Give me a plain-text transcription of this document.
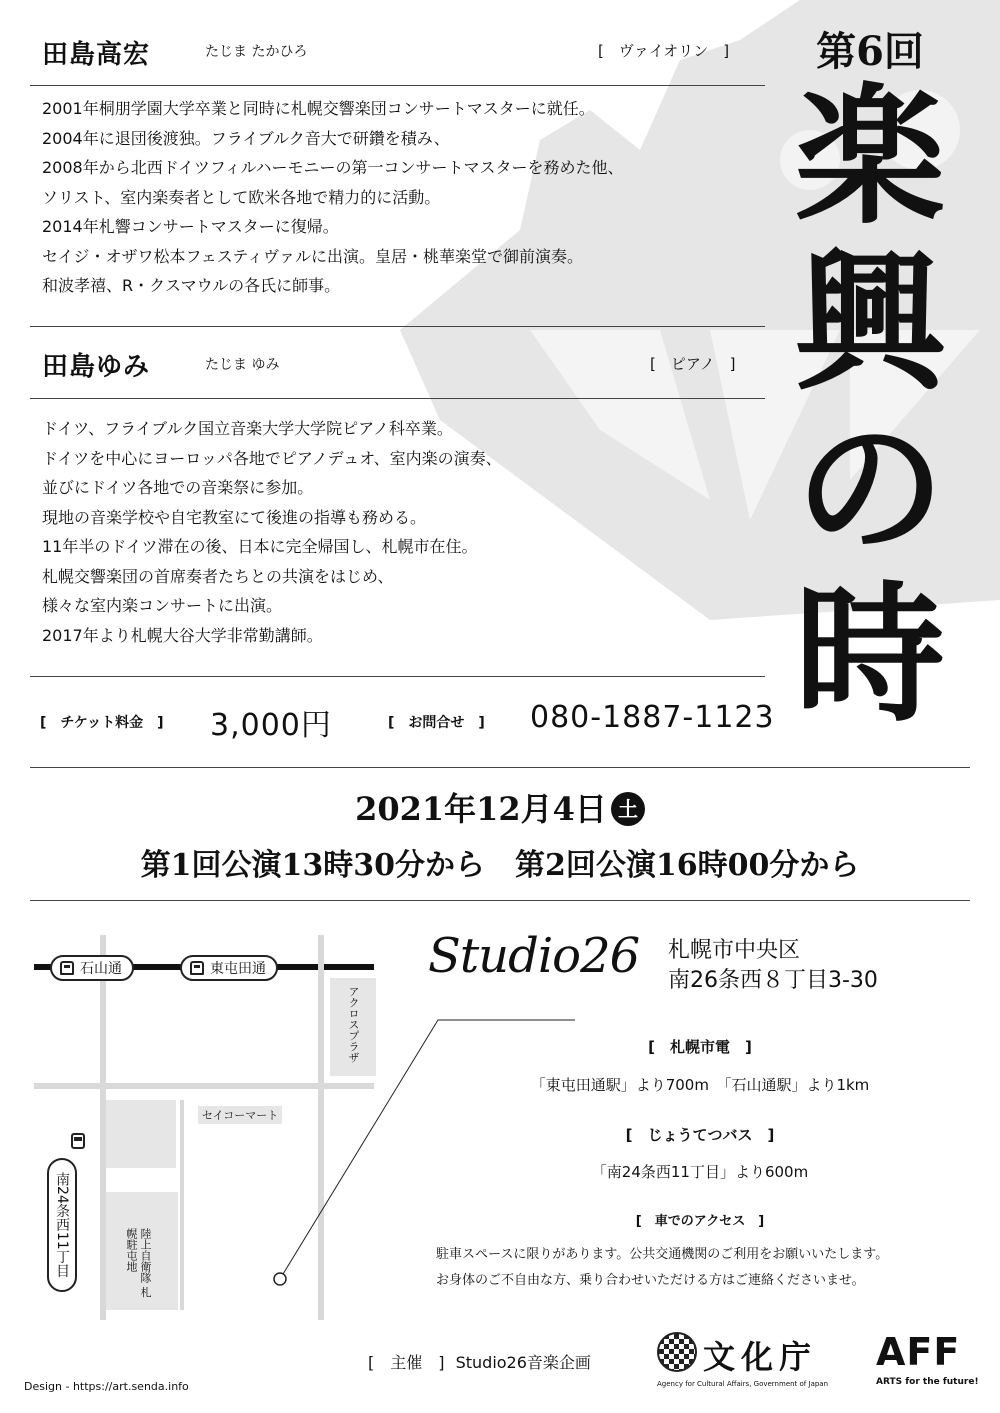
田島高宏	たじま たかひろ	[　ヴァイオリン　]
2001年桐朋学園大学卒業と同時に札幌交響楽団コンサートマスターに就任。
2004年に退団後渡独。フライブルク音大で研鑽を積み、
2008年から北西ドイツフィルハーモニーの第一コンサートマスターを務めた他、
ソリスト、室内楽奏者として欧米各地で精力的に活動。
2014年札響コンサートマスターに復帰。
セイジ・オザワ松本フェスティヴァルに出演。皇居・桃華楽堂で御前演奏。
和波孝禧、R・クスマウルの各氏に師事。
田島ゆみ	たじま ゆみ	[　ピアノ　]
ドイツ、フライブルク国立音楽大学大学院ピアノ科卒業。
ドイツを中心にヨーロッパ各地でピアノデュオ、室内楽の演奏、
並びにドイツ各地での音楽祭に参加。
現地の音楽学校や自宅教室にて後進の指導も務める。
11年半のドイツ滞在の後、日本に完全帰国し、札幌市在住。
札幌交響楽団の首席奏者たちとの共演をはじめ、
様々な室内楽コンサートに出演。
2017年より札幌大谷大学非常勤講師。
第6回
楽
興
の
時
[　チケット料金　] 3,000円	[　お問合せ　] 080-1887-1123
2021年12月4日 土
第1回公演13時30分から　第2回公演16時00分から
石山通	東屯田通
アクロスプラザ
セイコーマート
陸上自衛隊 札幌駐屯地
南24条西11丁目
Studio26 札幌市中央区
南26条西８丁目3-30
[　札幌市電　]
「東屯田通駅」より700m　「石山通駅」より1km
[　じょうてつバス　]
「南24条西11丁目」より600m
[　車でのアクセス　]
駐車スペースに限りがあります。公共交通機関のご利用をお願いいたします。
お身体のご不自由な方、乗り合わせいただける方はご連絡くださいませ。
[　主催　] Studio26音楽企画	文化庁
Agency for Cultural Affairs, Government of Japan
AFF
ARTS for the future!
Design - https://art.senda.info
